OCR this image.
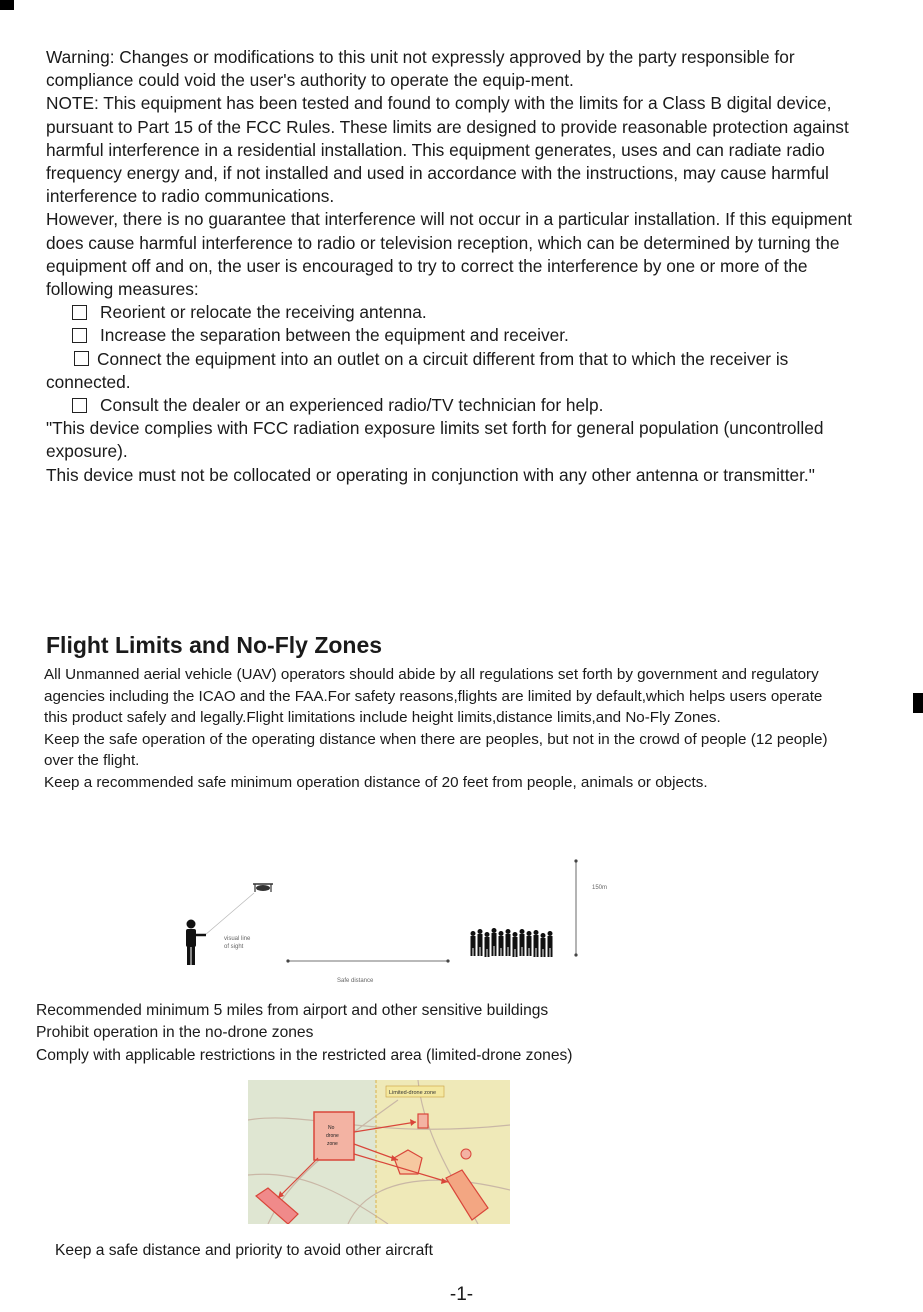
Warning: Changes or modifications to this unit not expressly approved by the party responsible for compliance could void the user's authority to operate the equip-ment.

NOTE: This equipment has been tested and found to comply with the limits for a Class B digital device, pursuant to Part 15 of the FCC Rules. These limits are designed to provide reasonable protection against harmful interference in a residential installation. This equipment generates, uses and can radiate radio frequency energy and, if not installed and used in accordance with the instructions, may cause harmful interference to radio communications.

However, there is no guarantee that interference will not occur in a particular installation. If this equipment does cause harmful interference to radio or television reception, which can be determined by turning the equipment off and on, the user is encouraged to try to correct the interference by one or more of the following measures:

Reorient or relocate the receiving antenna.

Increase the separation between the equipment and receiver.

Connect the equipment into an outlet on a circuit different from that to which the receiver is connected.

Consult the dealer or an experienced radio/TV technician for help.

"This device complies with FCC radiation exposure limits set forth for general population (uncontrolled exposure).

This device must not be collocated or operating in conjunction with any other antenna or transmitter."

Flight Limits and No-Fly Zones

All Unmanned aerial vehicle (UAV) operators should abide by all regulations set forth by government and regulatory agencies including the ICAO and the FAA.For safety reasons,flights are limited by default,which helps users operate this product safely and legally.Flight limitations include height limits,distance limits,and No-Fly Zones.

Keep the safe operation of the operating distance when there are peoples, but not in the crowd of people (12 people) over the flight.

Keep a recommended safe minimum operation distance of 20 feet from people, animals or objects.

visual line
of sight
Safe distance
150m

Recommended minimum 5 miles from airport and other sensitive buildings

Prohibit operation in the no-drone zones

Comply with applicable restrictions in the restricted area (limited-drone zones)

Limited-drone zone
No
drone
zone

Keep a safe distance and priority to avoid other aircraft

-1-
